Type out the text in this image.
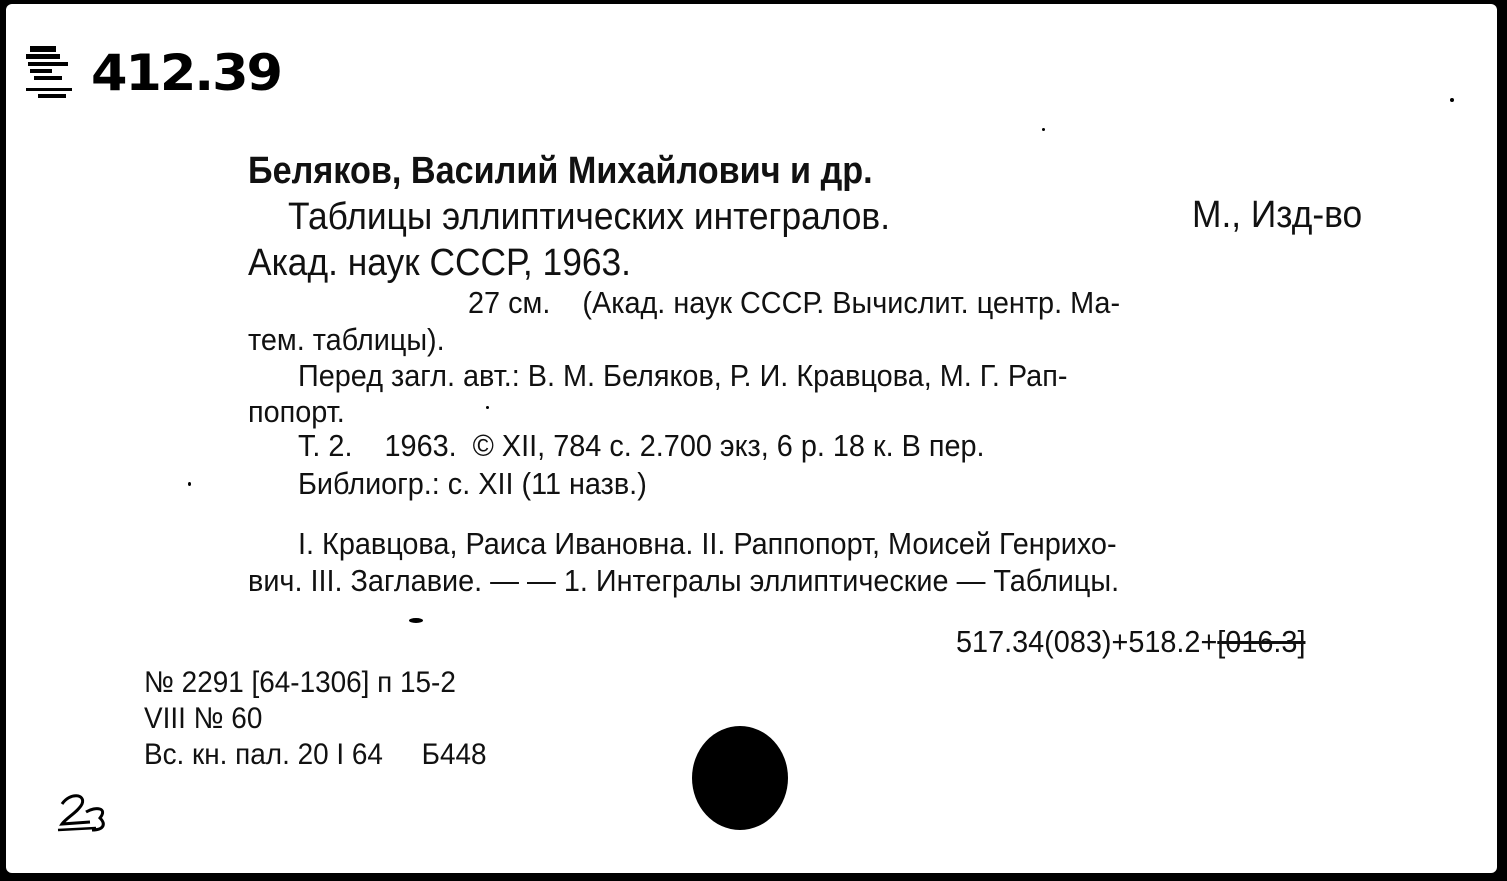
412.39
Беляков, Василий Михайлович и др.
Таблицы эллиптических интегралов.	М., Изд-во
Акад. наук СССР, 1963.
27 см.    (Акад. наук СССР. Вычислит. центр. Ма-
тем. таблицы).
Перед загл. авт.: В. М. Беляков, Р. И. Кравцова, М. Г. Рап-
попорт.
Т. 2.    1963.  © XII, 784 с. 2.700 экз, 6 р. 18 к. В пер.
Библиогр.: с. XII (11 назв.)
I. Кравцова, Раиса Ивановна. II. Раппопорт, Моисей Генрихо-
вич. III. Заглавие. — — 1. Интегралы эллиптические — Таблицы.
517.34(083)+518.2+[016.3]
№ 2291 [64-1306] п 15-2
VIII № 60
Вс. кн. пал. 20 I 64     Б448
